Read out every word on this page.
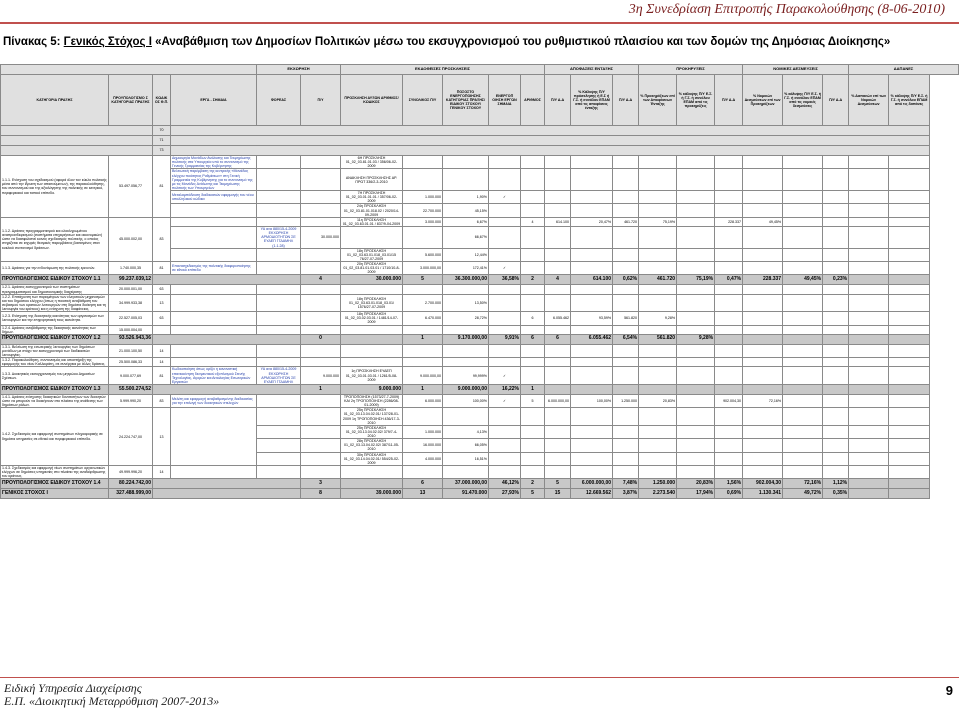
3η Συνεδρίαση Επιτροπής Παρακολούθησης (8-06-2010)
Πίνακας 5: Γενικός Στόχος Ι «Αναβάθμιση των Δημοσίων Πολιτικών μέσω του εκσυγχρονισμού του ρυθμιστικού πλαισίου και των δομών της Δημόσιας Διοίκησης»
				ΕΚΧΩΡΗΣΗ		ΕΚΔΟΘΕΙΣΕΣ ΠΡΟΣΚΛΗΣΕΙΣ					ΑΠΟΦΑΣΕΙΣ ΕΝΤΑΞΗΣ			ΠΡΟΚΗΡΥΞΕΙΣ			ΝΟΜΙΚΕΣ ΔΕΣΜΕΥΣΕΙΣ			ΔΑΠΑΝΕΣ	
ΚΑΤΗΓΟΡΙΑ ΠΡΑΞΗΣ	ΠΡΟΥΠΟΛΟΓΙΣΜΟ Σ ΚΑΤΗΓΟΡΙΑΣ ΠΡΑΞΗΣ	ΚΩΔΙΚ ΟΣ Θ.Π.	ΕΡΓΑ - ΣΗΜΑΙΑ	ΦΟΡΕΑΣ	Π/Υ	ΠΡΟΣΚΛΗΣΗ ΑΥΞΩΝ ΑΡΙΘΜΟΣ/ΚΩΔΙΚΟΣ	ΣΥΝΟΛΙΚΟΣ Π/Υ	ΠΟΣΟΣΤΟ ΕΝΕΡΓΟΠΟΙΗΣΗΣ ΚΑΤΗΓΟΡΙΑΣ ΠΡΑΞΗΣ/ΕΙΔΙΚΟΥ ΣΤΟΧΟΥ/ΓΕΝΙΚΟΥ ΣΤΟΧΟΥ	ΕΝΕΡΓΟΠ ΟΙΗΣΗ ΕΡΓΩΝ ΣΗΜΑΙΑ	ΑΡΙΘΜΟΣ	Π/Υ Δ.Δ	% Κάλυψης Π/Υ πρόσκλησης ή Ε.Σ ή Γ.Σ. ή συνόλου ΕΠΑΜ από τις αποφάσεις ένταξης	Π/Υ Δ.Δ	% Προκηρύξεων επί των Αποφάσεων Ένταξης	% κάλυψης Π/Υ Ε.Σ. ή Γ.Σ. ή συνόλου ΕΠΑΜ από τις προκηρύξεις	Π/Υ Δ.Δ	% Νομικών Δεσμεύσεων επί των Προκηρύξεων	% κάλυψης Π/Υ Ε.Σ. ή Γ.Σ. ή συνόλου ΕΠΑΜ από τις νομικές δεσμεύσεις	Π/Υ Δ.Δ	% Δαπανών επί των Νομικών Δεσμεύσεων	% κάλυψης Π/Υ Ε.Σ. ή Γ.Σ. ή συνόλου ΕΠΑΜ από τις δαπάνες
		70																			
		71																			
		73																			
1.1.1. Ενίσχυση του σχεδιασμού (αφορά όλον τον κύκλο πολιτικής μέσα από την ίδρυση των απαιτούμενων), της παρακολούθησης, του συντονισμού και της αξιολόγησης της πολιτικής σε κεντρικό, περιφερειακό και τοπικό επίπεδο.	53.497.056,77	81	Δημιουργία Μονάδων Ανάλυσης και Τεκμηρίωσης πολιτικής στα Υπουργεία υπό το συντονισμό της Γενικής Γραμματείας της Κυβέρνησης			6Η ΠΡΟΣΚΛΗΣΗ 01_02_03.81.01.03 / 356/06-02-2009															
			Βελτιωτική παρέμβαση της κεντρικής «Μονάδας ελέγχου ποιότητας Ρυθμίσεων» στη Γενική Γραμματεία της Κυβέρνησης για το συντονισμό της με τις Μονάδες Ανάλυσης και Τεκμηρίωσης πολιτικής των Υπουργείων			ΑΝΑΚΛΗΣΗ ΠΡΟΣΚΛΗΣΗΣ ΑΡ. ΠΡΩΤ 336/2-3-2010															
			Μεταλαμπάδευση διαδικασιών εφαρμογής του νέου υπαλληλικού κώδικα			7Η ΠΡΟΣΚΛΗΣΗ 01_02_03.01.01.01 / 357/06-02-2009	1.000.000	1,90%	✓												
						24η ΠΡΟΣΚΛΗΣΗ 01_02_03.81.01.018.02 / 2020/14-09-2009	22.700.000	45,15%													
1.1.2. Δράσεις προγραμματισμού και ολοκληρωμένου αναπροσδιορισμού (συστήματα επιχειρήσεων και οικονομικών) ώστε να διασφαλιστεί κοινός σχεδιασμός πολιτικής, ο οποίος στηρίζεται σε ισχυρές θεσμικές παρεμβάσεις βασισμένες στον κυκλικό συντονισμό δράσεων.	45.000.002,00	83				11η ΠΡΟΣΚΛΗΣΗ 01_02_03.63.01.01 / 837/9-04-2009	3.000.000	6,67%		4	614.100	20,47%	461.720	75,19%		228.337	49,45%				
				ΥΑ ανα 880/15-4-2009 ΕΚΧΩΡΗΣΗ ΑΡΜΟΔΙΟΤΗΤΩΝ ΣΕ ΕΥΔΕΠ ΓΓΔΑΜΗΛ (1.1.28)	30.000.000			66,67%													
						18η ΠΡΟΣΚΛΗΣΗ 01_02_03.63.01.018_03.01/15 76/27-07-2009	5.600.000	12,44%													
1.1.3. Δράσεις για την ενδυνάμωση της πολιτικής ερευνών.	1.740.000,35	81	Επανασχεδιασμός της πολιτικής διαφοροποίησης σε εθνικό επίπεδο			20η ΠΡΟΣΚΛΗΣΗ 01_02_03.81.01.03.01 / 1710/10-8-2009	3.000.000,00	172,41%	✓												
ΠΡΟΥΠΟΛΟΓΙΣΜΟΣ ΕΙΔΙΚΟΥ ΣΤΟΧΟΥ 1.1	99.237.039,12				4	30.000.000	5	36.300.000,00	36,58%	2	4	614.100	0,62%	461.720	75,19%	0,47%	228.337	49,45%	0,23%		
1.2.1. Δράσεις εκσυγχρονισμού των συστημάτων προγραμματισμού και δημοσιονομικής διαχείρισης	20.000.001,00	63																			
1.2.2. Επιτάχυνση των παραμέτρων των ελεγκτικών μηχανισμών και του δημόσιου ελέγχου (όπως η ποιοτική αναβάθμιση του σεβασμού των κρατικών λειτουργιών στη δημόσια διοίκηση και τη λειτουργία του κράτους) και η ενίσχυση της διαφάνειας.	34.999.933,38	13				18η ΠΡΟΣΚΛΗΣΗ 01_02_03.63.01.018_03.01/ 1576/27-07-2009	2.700.000	13,50%													
1.2.3. Ενίσχυση της διοικητικής ικανότητας των οργανισμών των λειτουργιών και την επιχειρησιακή τους ικανότητα.	22.527.005,03	63				18η ΠΡΟΣΚΛΗΣΗ 01_02_03.02.03.01 / 1481/14-07-2009	6.470.000	28,72%		6	6.055.462	93,59%	561.820	9,28%							
1.2.4. Δράσεις αναβάθμισης της διοικητικής ικανότητας των δήμων.	15.000.004,00																				
ΠΡΟΥΠΟΛΟΓΙΣΜΟΣ ΕΙΔΙΚΟΥ ΣΤΟΧΟΥ 1.2	93.526.943,36				0		1	9.170.000,00	9,91%	6	6	6.055.462	6,54%	561.820	9,28%						
1.3.1. Βελτίωση της εσωτερικής λειτουργίας των δημόσιων μονάδων με στόχο τον εκσυγχρονισμό των διαδικασιών λειτουργίας.	21.000.100,50	14																			
1.3.2. Παρακολούθηση, συντονισμός και υποστήριξη της εφαρμογής του νέου Καλλικράτη, σε συνέργεια με άλλες δράσεις.	25.500.086,33	14																			
1.3.3. Διοικητικός εκσυγχρονισμός του μητρώου Δημοσίων Σχέσεων.	9.000.077,69	81	Κωδικοποίηση όπως ορίζει η κανονιστική επανεκκίνηση δεσμευτικού εξοπλισμού Στενής Τεχνολογίας, Αγορών και Αιτιολογίας Εσωτερικών Εργασιών	ΥΑ ανα 880/15-4-2009 ΕΚΧΩΡΗΣΗ ΑΡΜΟΔΙΟΤΗΤΩΝ ΣΕ ΕΥΔΕΠ ΓΓΔΑΜΗΛ	9.000.000	1η ΠΡΟΣΚΛΗΣΗ ΕΥΔΕΠ 01_02_03.01.03.01 / 1261/5-08-2009	9.000.000,00	99,999%	✓												
ΠΡΟΥΠΟΛΟΓΙΣΜΟΣ ΕΙΔΙΚΟΥ ΣΤΟΧΟΥ 1.3	55.500.274,52				1	9.000.000	1	9.000.000,00	16,22%	1											
1.4.1. Δράσεις ενίσχυσης διοικητικών δυνατοτήτων των διοικητών ώστε να μπορούν να διοικήσουν στο πλαίσιο της ανάθεσης των δημόσιων ρόλων.	5.999.990,20	83	Μελέτη και εφαρμογή αναβαθμισμένης διαδικασίας για την επιλογή των διοικητικών στελεχών			ΤΡΟΠΟΠΟΙΗΣΗ (1573/27-7-2009) ΚΑΙ 2η ΤΡΟΠΟΠΟΙΗΣΗ (2286/08-01-2009)	6.000.000	100,00%	✓	5	6.000.000,00	100,00%	1.250.000	20,83%		902.004,30	72,16%				
1.4.2. Σχεδιασμός και εφαρμογή συστημάτων πληροφορικής σε δημόσια υπηρεσίες σε εθνικό και περιφερειακό επίπεδο.	24.224.747,00	13				25η ΠΡΟΣΚΛΗΣΗ 01_02_03.13.04.02.01/ 137/28-01-2009 1η ΤΡΟΠΟΠΟΙΗΣΗ 436/17-3-2010															
						25η ΠΡΟΣΚΛΗΣΗ 01_02_03.13.04.02.02/ 379/7-4-2010	1.000.000	4,13%													
						28η ΠΡΟΣΚΛΗΣΗ 01_02_03.13.04.02.02/ 387/11-05-2010	16.000.000	66,05%													
						30η ΠΡΟΣΚΛΗΣΗ 01_02_03.14.04.02.01/ 554/25-02-2009	4.000.000	16,51%													
1.4.3. Σχεδιασμός και εφαρμογή νέων συστημάτων οργανωτικών ελέγχων σε δημόσιες υπηρεσίες στο πλαίσιο της αναδιάρθρωσης του κράτους.	49.999.996,20	14																			
ΠΡΟΥΠΟΛΟΓΙΣΜΟΣ ΕΙΔΙΚΟΥ ΣΤΟΧΟΥ 1.4	80.224.742,00				3		6	37.000.000,00	46,12%	2	5	6.000.000,00	7,48%	1.250.000	20,83%	1,56%	902.004,30	72,16%	1,12%		
ΓΕΝΙΚΟΣ ΣΤΟΧΟΣ Ι	327.488.999,00				8	39.000.000	13	91.470.000	27,93%	5	15	12.669.562	3,87%	2.273.540	17,94%	0,69%	1.130.341	49,72%	0,35%		
Ειδική Υπηρεσία Διαχείρισης
Ε.Π. «Διοικητική Μεταρρύθμιση 2007-2013»
9
